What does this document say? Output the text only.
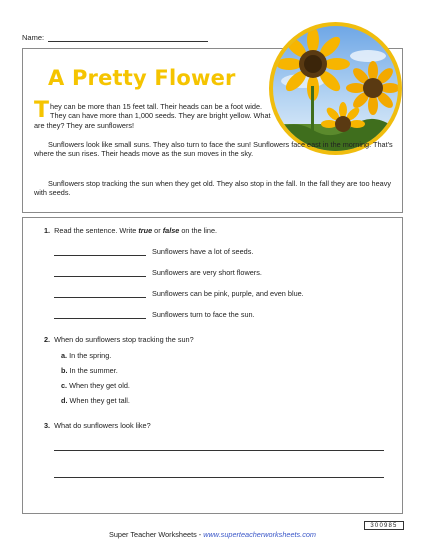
Name:
A Pretty Flower
They can be more than 15 feet tall. Their heads can be a foot wide. They can have more than 1,000 seeds. They are bright yellow. What are they? They are sunflowers!
Sunflowers look like small suns. They also turn to face the sun! Sunflowers face east in the morning. That's where the sun rises. Their heads move as the sun moves in the sky.
Sunflowers stop tracking the sun when they get old. They also stop in the fall. In the fall they are too heavy with seeds.
1. Read the sentence. Write true or false on the line.
Sunflowers have a lot of seeds.
Sunflowers are very short flowers.
Sunflowers can be pink, purple, and even blue.
Sunflowers turn to face the sun.
2. When do sunflowers stop tracking the sun?
a. In the spring.
b. In the summer.
c. When they get old.
d. When they get tall.
3. What do sunflowers look like?
300985
Super Teacher Worksheets - www.superteacherworksheets.com
